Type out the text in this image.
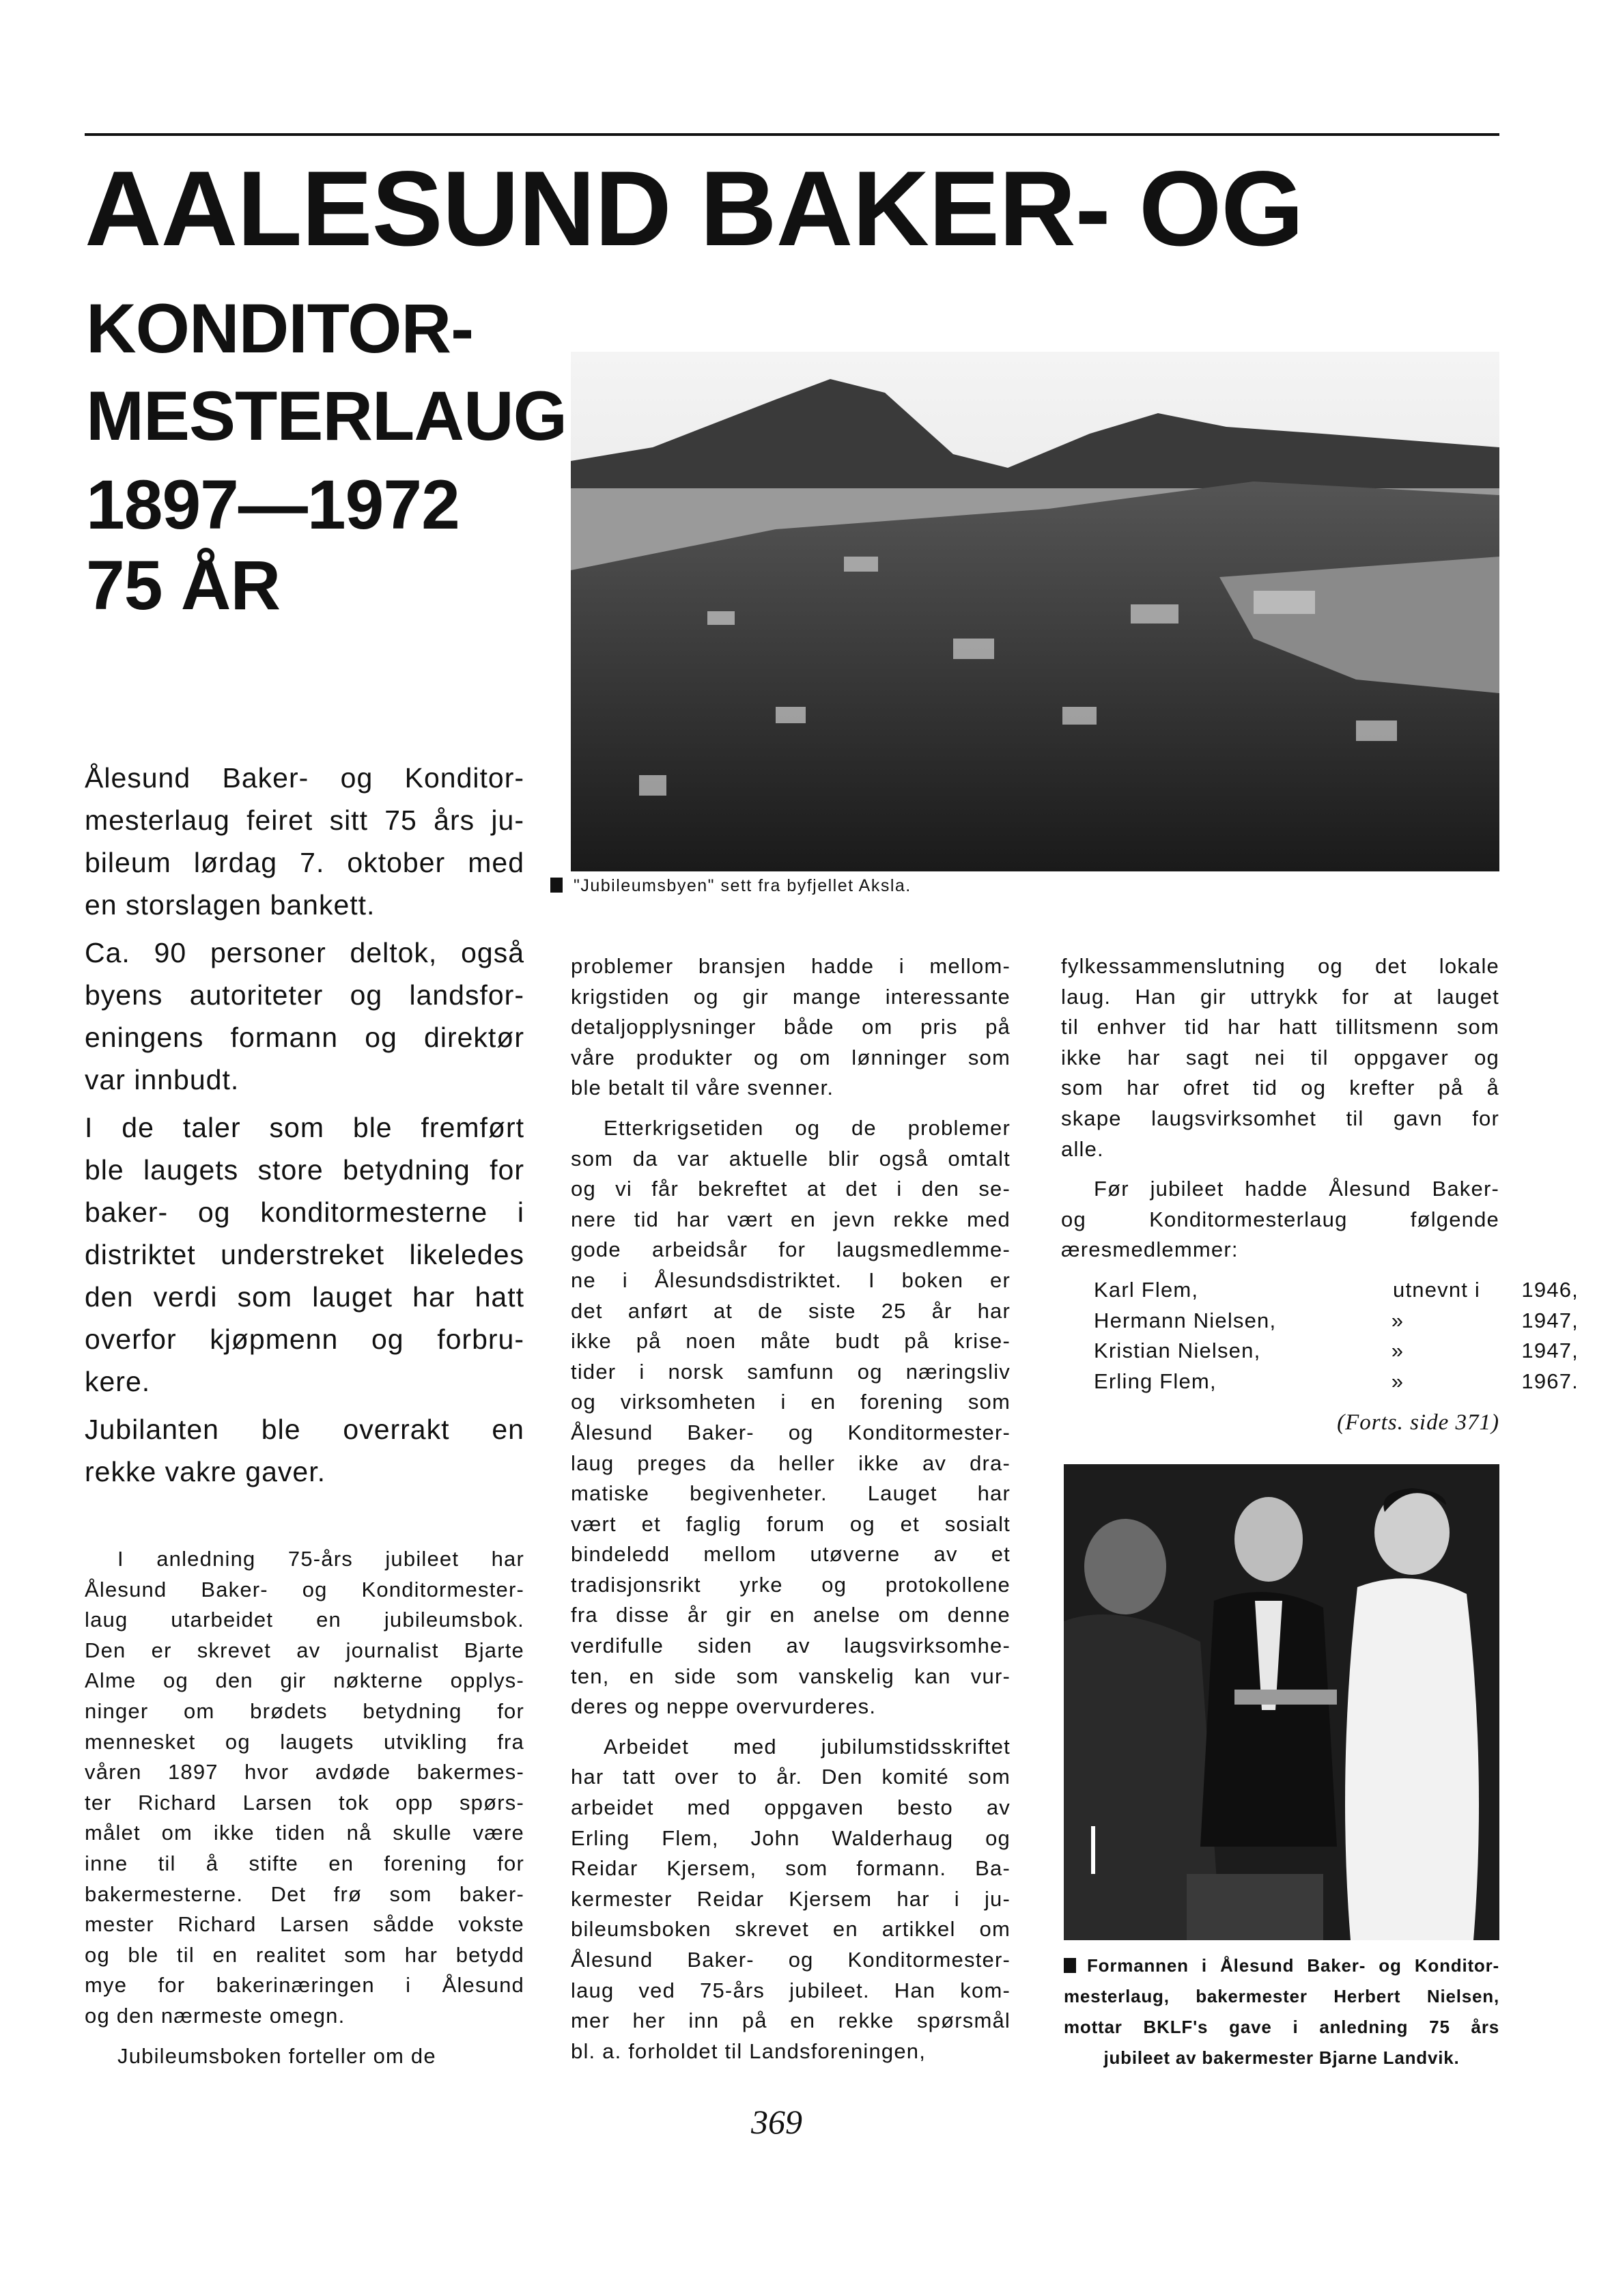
AALESUND BAKER- OG
KONDITOR-
MESTERLAUG
1897—1972
75 ÅR
"Jubileumsbyen" sett fra byfjellet Aksla.
Ålesund Baker- og Konditor-
mesterlaug feiret sitt 75 års ju-
bileum lørdag 7. oktober med
en storslagen bankett.
Ca. 90 personer deltok, også
byens autoriteter og landsfor-
eningens formann og direktør
var innbudt.
I de taler som ble fremført
ble laugets store betydning for
baker- og konditormesterne i
distriktet understreket likeledes
den verdi som lauget har hatt
overfor kjøpmenn og forbru-
kere.
Jubilanten ble overrakt en
rekke vakre gaver.
I anledning 75-års jubileet har
Ålesund Baker- og Konditormester-
laug utarbeidet en jubileumsbok.
Den er skrevet av journalist Bjarte
Alme og den gir nøkterne opplys-
ninger om brødets betydning for
mennesket og laugets utvikling fra
våren 1897 hvor avdøde bakermes-
ter Richard Larsen tok opp spørs-
målet om ikke tiden nå skulle være
inne til å stifte en forening for
bakermesterne. Det frø som baker-
mester Richard Larsen sådde vokste
og ble til en realitet som har betydd
mye for bakerinæringen i Ålesund
og den nærmeste omegn.
Jubileumsboken forteller om de
problemer bransjen hadde i mellom-
krigstiden og gir mange interessante
detaljopplysninger både om pris på
våre produkter og om lønninger som
ble betalt til våre svenner.
Etterkrigsetiden og de problemer
som da var aktuelle blir også omtalt
og vi får bekreftet at det i den se-
nere tid har vært en jevn rekke med
gode arbeidsår for laugsmedlemme-
ne i Ålesundsdistriktet. I boken er
det anført at de siste 25 år har
ikke på noen måte budt på krise-
tider i norsk samfunn og næringsliv
og virksomheten i en forening som
Ålesund Baker- og Konditormester-
laug preges da heller ikke av dra-
matiske begivenheter. Lauget har
vært et faglig forum og et sosialt
bindeledd mellom utøverne av et
tradisjonsrikt yrke og protokollene
fra disse år gir en anelse om denne
verdifulle siden av laugsvirksomhe-
ten, en side som vanskelig kan vur-
deres og neppe overvurderes.
Arbeidet med jubilumstidsskriftet
har tatt over to år. Den komité som
arbeidet med oppgaven besto av
Erling Flem, John Walderhaug og
Reidar Kjersem, som formann. Ba-
kermester Reidar Kjersem har i ju-
bileumsboken skrevet en artikkel om
Ålesund Baker- og Konditormester-
laug ved 75-års jubileet. Han kom-
mer her inn på en rekke spørsmål
bl. a. forholdet til Landsforeningen,
fylkessammenslutning og det lokale
laug. Han gir uttrykk for at lauget
til enhver tid har hatt tillitsmenn som
ikke har sagt nei til oppgaver og
som har ofret tid og krefter på å
skape laugsvirksomhet til gavn for
alle.
Før jubileet hadde Ålesund Baker-
og Konditormesterlaug følgende
æresmedlemmer:
Karl Flem,	utnevnt i	1946,
Hermann Nielsen,	»	1947,
Kristian Nielsen,	»	1947,
Erling Flem,	»	1967.
(Forts. side 371)
Formannen i Ålesund Baker- og Konditor-
mesterlaug, bakermester Herbert Nielsen,
mottar BKLF's gave i anledning 75 års
jubileet av bakermester Bjarne Landvik.
369
